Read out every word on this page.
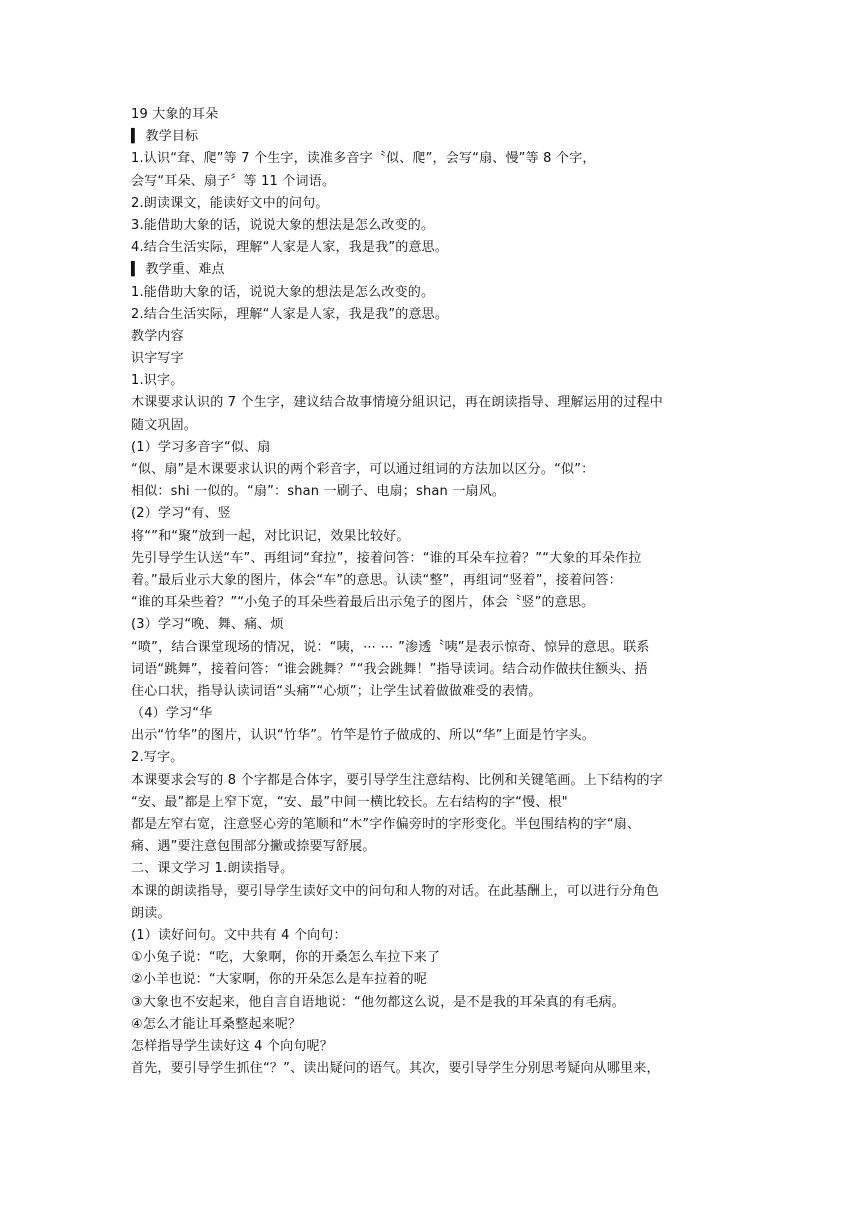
19 大象的耳朵
▍ 教学目标
1.认识“耷、爬”等 7 个生字，读准多音字〝似、爬”，会写“扇、慢”等 8 个字，
会写“耳朵、扇子〞等 11 个词语。
2.朗读课文，能读好文中的问句。
3.能借助大象的话，说说大象的想法是怎么改变的。
4.结合生活实际，理解“人家是人家，我是我”的意思。
▍ 教学重、难点
1.能借助大象的话，说说大象的想法是怎么改变的。
2.结合生活实际，理解“人家是人家，我是我”的意思。
教学内容
识字写字
1.识字。
木课要求认识的 7 个生字，建议结合故事情境分組识记，再在朗读指导、理解运用的过程中
随文巩固。
(1）学习多音字“似、扇
“似、扇”是木课要求认识的两个彩音字，可以通过组词的方法加以区分。“似”：
相似：shi 一似的。“扇”：shan 一刷子、电扇；shan 一扇风。
(2）学习“有、竖
将“”和“聚”放到一起，对比识记，效果比较好。
先引导学生认送“车”、再组词“耷拉”，接着问答：“谁的耳朵车拉着？”“大象的耳朵作拉
着。”最后业示大象的图片，体会“车”的意思。认读“整”，再组词“竖着”，接着问答：
“谁的耳朵些着？”“小兔子的耳朵些着最后出示兔子的图片，体会〝竖”的意思。
(3）学习“晚、舞、痛、烦
“喷”，结合课堂现场的情况，说：“咦，⋯ ⋯ ”渗透〝咦”是表示惊奇、惊异的意思。联系
词语“跳舞”，接着问答：“谁会跳舞？”“我会跳舞！”指导读词。结合动作做扶住额头、捂
住心口状，指导认读词语“头痛”“心烦”；让学生试着做做难受的表情。
（4）学习“华
出示“竹华”的图片，认识“竹华”。竹竿是竹子做成的、所以“华”上面是竹字头。
2.写字。
本课要求会写的 8 个字都是合体字，要引导学生注意结构、比例和关键笔画。上下结构的字
“安、最”都是上窄下宽，“安、最”中间一横比较长。左右结构的字“慢、根"
都是左窄右宽，注意竖心旁的笔顺和“木”字作偏旁时的字形变化。半包围结构的字“扇、
痛、遇”要注意包围部分撇或捺要写舒展。
二、课文学习 1.朗读指导。
本课的朗读指导，要引导学生读好文中的问句和人物的对话。在此基酬上，可以进行分角色
朗读。
(1）读好问句。文中共有 4 个向句：
①小兔子说：“吃，大象啊，你的开桑怎么车拉下来了
②小羊也说：“大家啊，你的开朵怎么是车拉着的呢
③大象也不安起来，他自言自语地说：“他勿都这么说，是不是我的耳朵真的有毛病。
④怎么才能让耳桑整起来呢？
怎样指导学生读好这 4 个向句呢？
首先，要引导学生抓住“？”、读出疑问的语气。其次，要引导学生分别思考疑向从哪里来，
